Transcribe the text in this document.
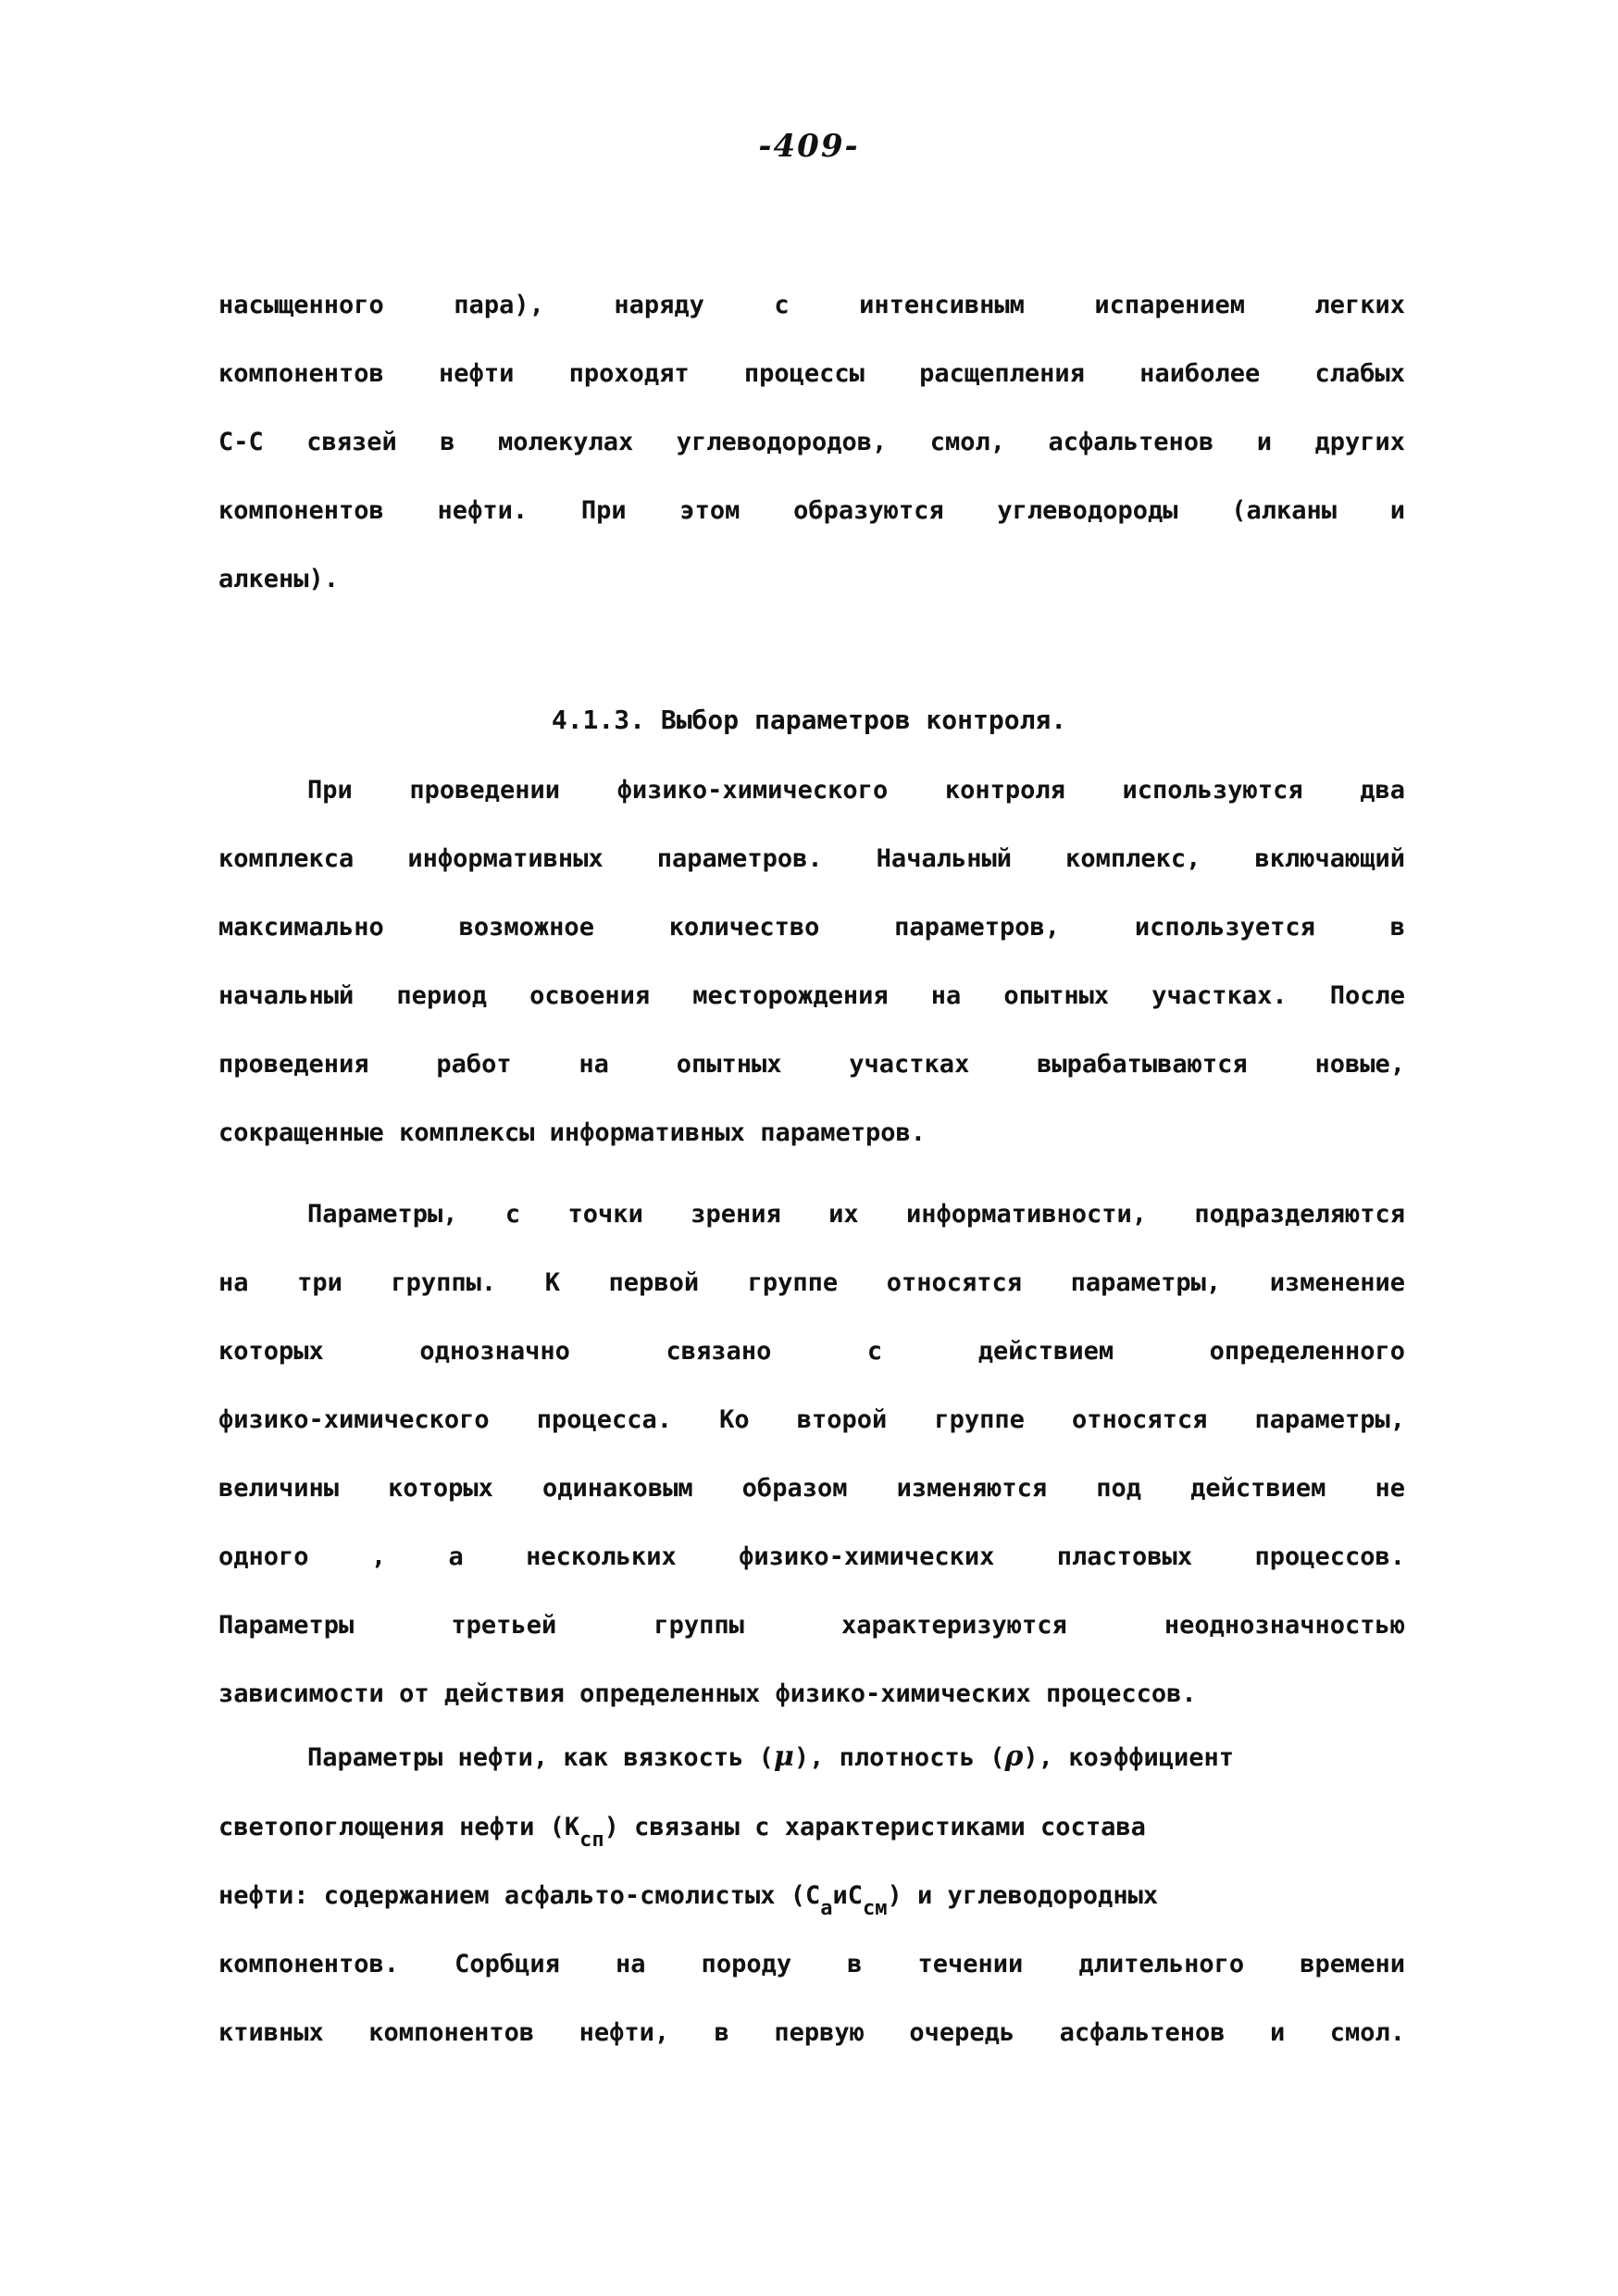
-409-
насыщенного пара), наряду с интенсивным испарением легких
компонентов нефти проходят процессы расщепления наиболее слабых
С-С связей в молекулах углеводородов, смол, асфальтенов и других
компонентов нефти. При этом образуются углеводороды (алканы и
алкены).
4.1.3. Выбор параметров контроля.
При проведении физико-химического контроля используются два
комплекса информативных параметров. Начальный комплекс, включающий
максимально возможное количество параметров, используется в
начальный период освоения месторождения на опытных участках. После
проведения работ на опытных участках вырабатываются новые,
сокращенные комплексы информативных параметров.
Параметры, с точки зрения их информативности, подразделяются
на три группы. К первой группе относятся параметры, изменение
которых однозначно связано с действием определенного
физико-химического процесса. Ко второй группе относятся параметры,
величины которых одинаковым образом изменяются под действием не
одного , а нескольких физико-химических пластовых процессов.
Параметры третьей группы характеризуются неоднозначностью
зависимости от действия определенных физико-химических процессов.
Параметры нефти, как вязкость (μ), плотность (ρ), коэффициент
светопоглощения нефти $(К_{сп})$ связаны с характеристиками состава
нефти: содержанием асфальто-смолистых $(С_аиС_{см})$ и углеводородных
компонентов. Сорбция на породу в течении длительного времени
ктивных компонентов нефти, в первую очередь асфальтенов и смол.
